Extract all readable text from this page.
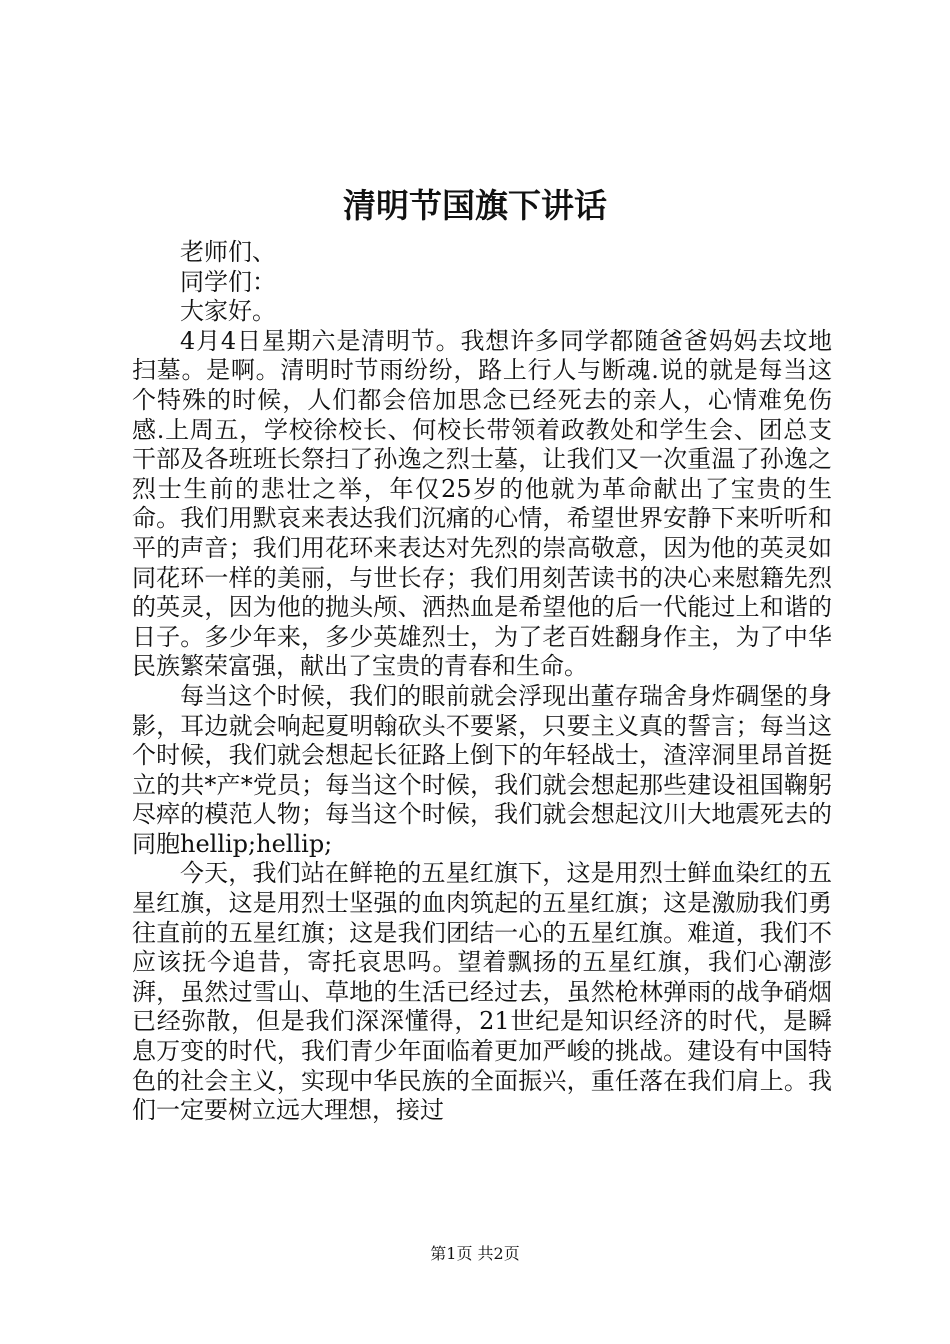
清明节国旗下讲话

老师们、

同学们：

大家好。

4月4日星期六是清明节。我想许多同学都随爸爸妈妈去坟地扫墓。是啊。清明时节雨纷纷，路上行人与断魂.说的就是每当这个特殊的时候，人们都会倍加思念已经死去的亲人，心情难免伤感.上周五，学校徐校长、何校长带领着政教处和学生会、团总支干部及各班班长祭扫了孙逸之烈士墓，让我们又一次重温了孙逸之烈士生前的悲壮之举，年仅25岁的他就为革命献出了宝贵的生命。我们用默哀来表达我们沉痛的心情，希望世界安静下来听听和平的声音；我们用花环来表达对先烈的崇高敬意，因为他的英灵如同花环一样的美丽，与世长存；我们用刻苦读书的决心来慰籍先烈的英灵，因为他的抛头颅、洒热血是希望他的后一代能过上和谐的日子。多少年来，多少英雄烈士，为了老百姓翻身作主，为了中华民族繁荣富强，献出了宝贵的青春和生命。

每当这个时候，我们的眼前就会浮现出董存瑞舍身炸碉堡的身影，耳边就会响起夏明翰砍头不要紧，只要主义真的誓言；每当这个时候，我们就会想起长征路上倒下的年轻战士，渣滓洞里昂首挺立的共*产*党员；每当这个时候，我们就会想起那些建设祖国鞠躬尽瘁的模范人物；每当这个时候，我们就会想起汶川大地震死去的同胞hellip;hellip;

今天，我们站在鲜艳的五星红旗下，这是用烈士鲜血染红的五星红旗，这是用烈士坚强的血肉筑起的五星红旗；这是激励我们勇往直前的五星红旗；这是我们团结一心的五星红旗。难道，我们不应该抚今追昔，寄托哀思吗。望着飘扬的五星红旗，我们心潮澎湃，虽然过雪山、草地的生活已经过去，虽然枪林弹雨的战争硝烟已经弥散，但是我们深深懂得，21世纪是知识经济的时代，是瞬息万变的时代，我们青少年面临着更加严峻的挑战。建设有中国特色的社会主义，实现中华民族的全面振兴，重任落在我们肩上。我们一定要树立远大理想，接过

第1页 共2页
